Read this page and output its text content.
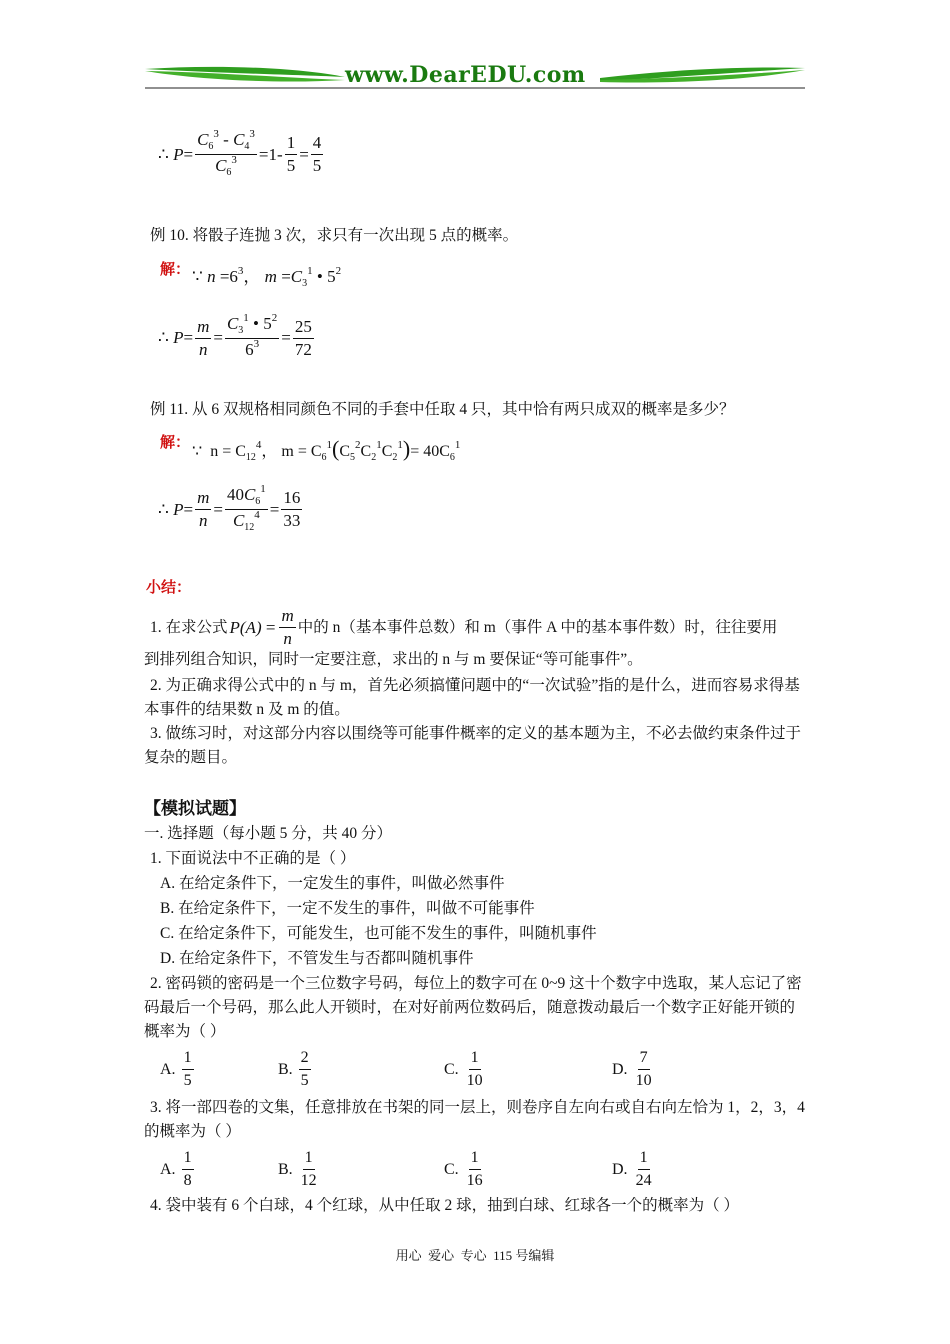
www.DearEDU.com
∴
$P = \frac{C_6^3 - C_4^3}{C_6^3} = 1- \frac{1}{5} = \frac{4}{5}$
例 10. 将骰子连抛 3 次，求只有一次出现 5 点的概率。
解： ∵ $n =6^3$， $m =C_3^1$ • $5^2$
∴
$P = \frac{m}{n} = \frac{C_3^1 • 5^2}{6^3} = \frac{25}{72}$
例 11. 从 6 双规格相同颜色不同的手套中任取 4 只，其中恰有两只成双的概率是多少？
解：
∵ $n = C_{12}^4$， $m = C_6^1(C_5^2C_2^1C_2^1)= 40C_6^1$
∴
$P = \frac{m}{n} = \frac{40C_6^1}{C_{12}^4} = \frac{16}{33}$
小结：
1. 在求公式 $P(A) = \frac{m}{n}$ 中的 n（基本事件总数）和 m（事件 A 中的基本事件数）时，往往要用
到排列组合知识，同时一定要注意，求出的 n 与 m 要保证“等可能事件”。
2. 为正确求得公式中的 n 与 m，首先必须搞懂问题中的“一次试验”指的是什么，进而容易求得基本事件的结果数 n 及 m 的值。
3. 做练习时，对这部分内容以围绕等可能事件概率的定义的基本题为主，不必去做约束条件过于复杂的题目。
【模拟试题】
一. 选择题（每小题 5 分，共 40 分）
1. 下面说法中不正确的是（ ）
A. 在给定条件下，一定发生的事件，叫做必然事件
B. 在给定条件下，一定不发生的事件，叫做不可能事件
C. 在给定条件下，可能发生，也可能不发生的事件，叫随机事件
D. 在给定条件下，不管发生与否都叫随机事件
2. 密码锁的密码是一个三位数字号码，每位上的数字可在 0~9 这十个数字中选取，某人忘记了密码最后一个号码，那么此人开锁时，在对好前两位数码后，随意拨动最后一个数字正好能开锁的概率为（ ）
A. $\frac{1}{5}$	B. $\frac{2}{5}$	C. $\frac{1}{10}$	D. $\frac{7}{10}$
3. 将一部四卷的文集，任意排放在书架的同一层上，则卷序自左向右或自右向左恰为 1，2，3，4 的概率为（ ）
A. $\frac{1}{8}$	B. $\frac{1}{12}$	C. $\frac{1}{16}$	D. $\frac{1}{24}$
4. 袋中装有 6 个白球，4 个红球，从中任取 2 球，抽到白球、红球各一个的概率为（ ）
用心  爱心  专心  115 号编辑
